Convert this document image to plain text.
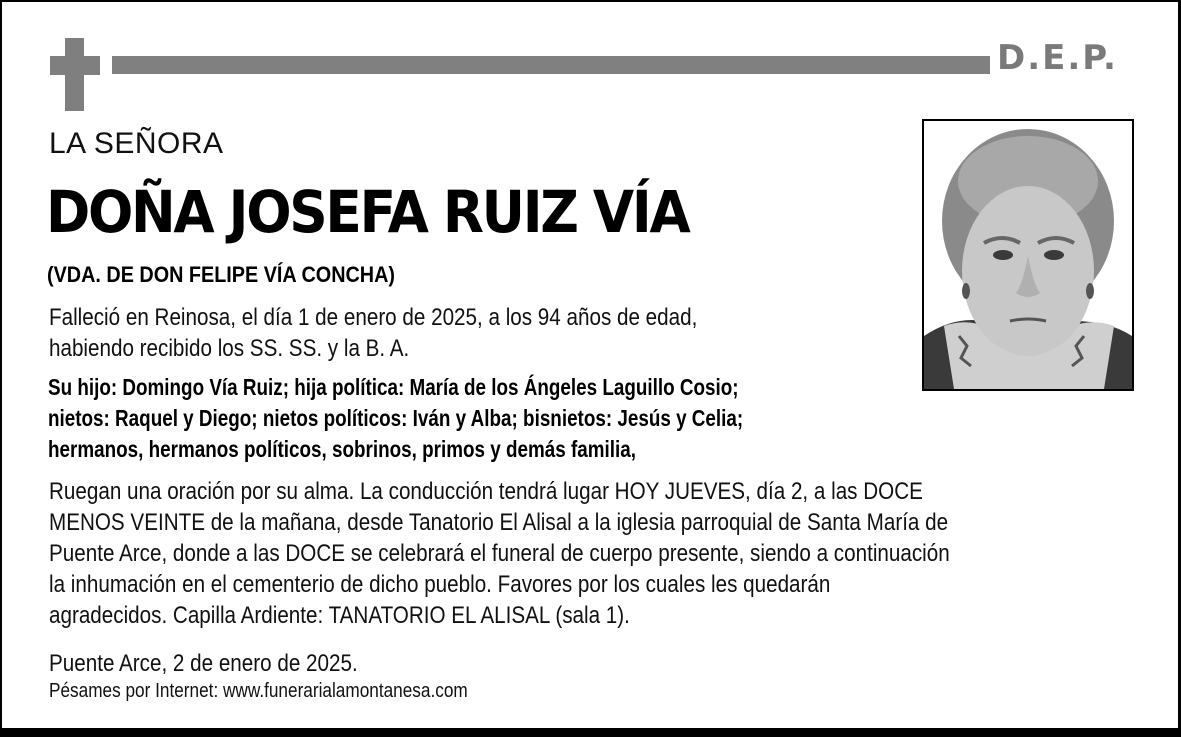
D.E.P.
LA SEÑORA
DOÑA JOSEFA RUIZ VÍA
(VDA. DE DON FELIPE VÍA CONCHA)
Falleció en Reinosa, el día 1 de enero de 2025, a los 94 años de edad,
habiendo recibido los SS. SS. y la B. A.
Su hijo: Domingo Vía Ruiz; hija política: María de los Ángeles Laguillo Cosio;
nietos: Raquel y Diego; nietos políticos: Iván y Alba; bisnietos: Jesús y Celia;
hermanos, hermanos políticos, sobrinos, primos y demás familia,
Ruegan una oración por su alma. La conducción tendrá lugar HOY JUEVES, día 2, a las DOCE
MENOS VEINTE de la mañana, desde Tanatorio El Alisal a la iglesia parroquial de Santa María de
Puente Arce, donde a las DOCE se celebrará el funeral de cuerpo presente, siendo a continuación
la inhumación en el cementerio de dicho pueblo. Favores por los cuales les quedarán
agradecidos. Capilla Ardiente: TANATORIO EL ALISAL (sala 1).
Puente Arce, 2 de enero de 2025.
Pésames por Internet: www.funerarialamontanesa.com
